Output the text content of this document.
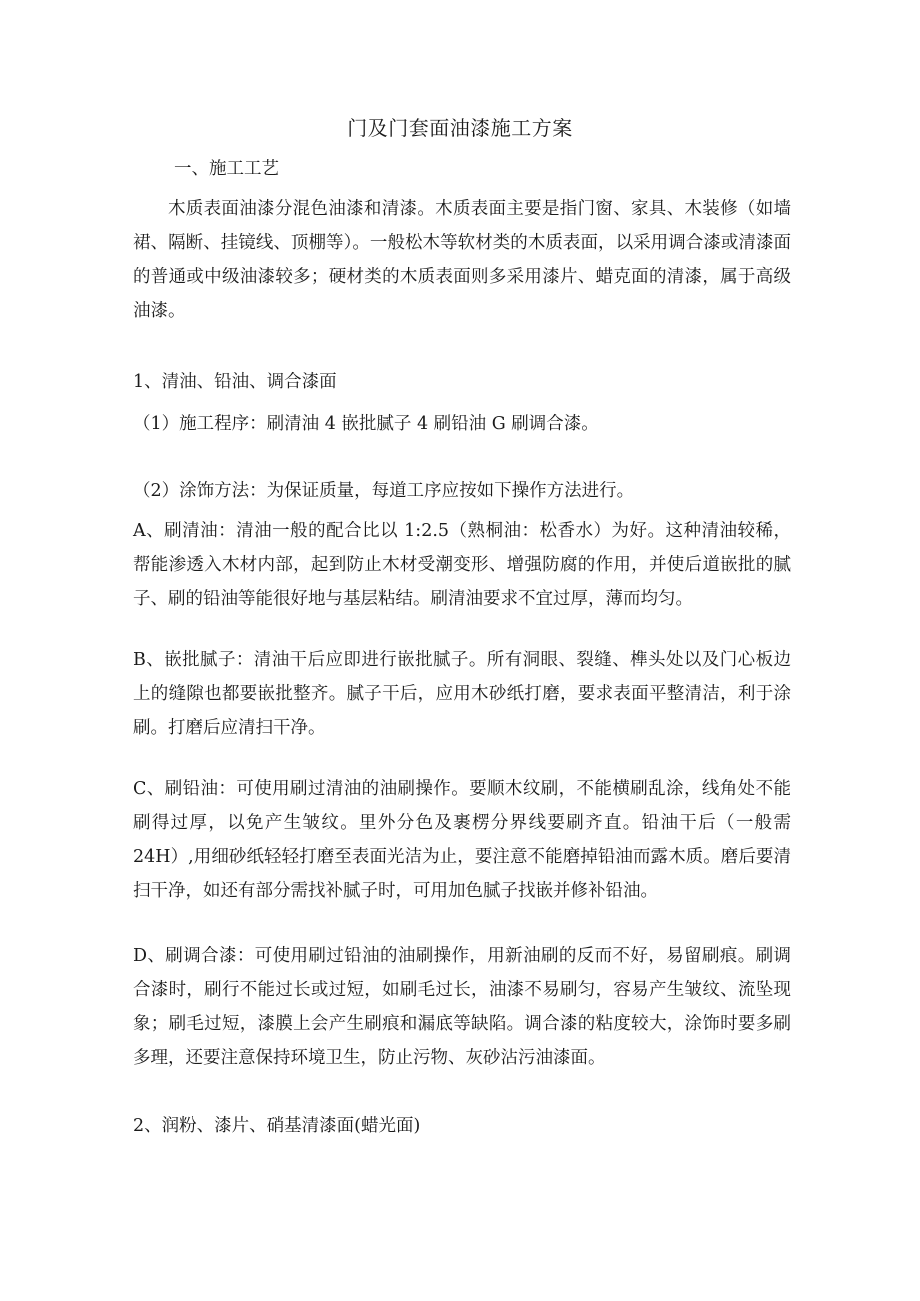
门及门套面油漆施工方案

一、施工工艺

木质表面油漆分混色油漆和清漆。木质表面主要是指门窗、家具、木装修（如墙裙、隔断、挂镜线、顶棚等）。一般松木等软材类的木质表面，以采用调合漆或清漆面的普通或中级油漆较多；硬材类的木质表面则多采用漆片、蜡克面的清漆，属于高级油漆。

1、清油、铅油、调合漆面

（1）施工程序：刷清油 4 嵌批腻子 4 刷铅油 G 刷调合漆。

（2）涂饰方法：为保证质量，每道工序应按如下操作方法进行。

A、刷清油：清油一般的配合比以 1:2.5（熟桐油：松香水）为好。这种清油较稀，帮能渗透入木材内部，起到防止木材受潮变形、增强防腐的作用，并使后道嵌批的腻子、刷的铅油等能很好地与基层粘结。刷清油要求不宜过厚，薄而均匀。

B、嵌批腻子：清油干后应即进行嵌批腻子。所有洞眼、裂缝、榫头处以及门心板边上的缝隙也都要嵌批整齐。腻子干后，应用木砂纸打磨，要求表面平整清洁，利于涂刷。打磨后应清扫干净。

C、刷铅油：可使用刷过清油的油刷操作。要顺木纹刷，不能横刷乱涂，线角处不能刷得过厚，以免产生皱纹。里外分色及裹楞分界线要刷齐直。铅油干后（一般需 24H）,用细砂纸轻轻打磨至表面光洁为止，要注意不能磨掉铅油而露木质。磨后要清扫干净，如还有部分需找补腻子时，可用加色腻子找嵌并修补铅油。

D、刷调合漆：可使用刷过铅油的油刷操作，用新油刷的反而不好，易留刷痕。刷调合漆时，刷行不能过长或过短，如刷毛过长，油漆不易刷匀，容易产生皱纹、流坠现象；刷毛过短，漆膜上会产生刷痕和漏底等缺陷。调合漆的粘度较大，涂饰时要多刷多理，还要注意保持环境卫生，防止污物、灰砂沾污油漆面。

2、润粉、漆片、硝基清漆面(蜡光面)
